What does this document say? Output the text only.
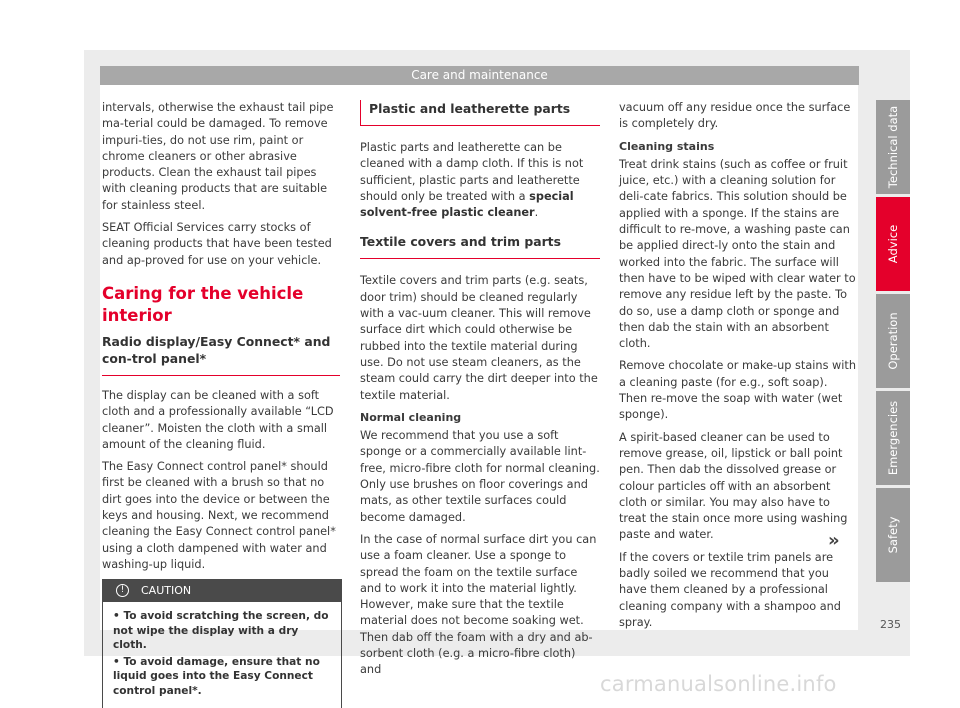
Care and maintenance

intervals, otherwise the exhaust tail pipe ma-terial could be damaged. To remove impuri-ties, do not use rim, paint or chrome cleaners or other abrasive products. Clean the exhaust tail pipes with cleaning products that are suitable for stainless steel.

SEAT Official Services carry stocks of cleaning products that have been tested and ap-proved for use on your vehicle.

Caring for the vehicle interior
Radio display/Easy Connect* and con-trol panel*

The display can be cleaned with a soft cloth and a professionally available “LCD cleaner”. Moisten the cloth with a small amount of the cleaning fluid.

The Easy Connect control panel* should first be cleaned with a brush so that no dirt goes into the device or between the keys and housing. Next, we recommend cleaning the Easy Connect control panel* using a cloth dampened with water and washing-up liquid.

!	CAUTION
• To avoid scratching the screen, do not wipe the display with a dry cloth.
• To avoid damage, ensure that no liquid goes into the Easy Connect control panel*.
Plastic and leatherette parts

Plastic parts and leatherette can be cleaned with a damp cloth. If this is not sufficient, plastic parts and leatherette should only be treated with a special solvent-free plastic cleaner.

Textile covers and trim parts

Textile covers and trim parts (e.g. seats, door trim) should be cleaned regularly with a vac-uum cleaner. This will remove surface dirt which could otherwise be rubbed into the textile material during use. Do not use steam cleaners, as the steam could carry the dirt deeper into the textile material.

Normal cleaning

We recommend that you use a soft sponge or a commercially available lint-free, micro-fibre cloth for normal cleaning. Only use brushes on floor coverings and mats, as other textile surfaces could become damaged.

In the case of normal surface dirt you can use a foam cleaner. Use a sponge to spread the foam on the textile surface and to work it into the material lightly. However, make sure that the textile material does not become soaking wet. Then dab off the foam with a dry and ab-sorbent cloth (e.g. a micro-fibre cloth) and

vacuum off any residue once the surface is completely dry.

Cleaning stains

Treat drink stains (such as coffee or fruit juice, etc.) with a cleaning solution for deli-cate fabrics. This solution should be applied with a sponge. If the stains are difficult to re-move, a washing paste can be applied direct-ly onto the stain and worked into the fabric. The surface will then have to be wiped with clear water to remove any residue left by the paste. To do so, use a damp cloth or sponge and then dab the stain with an absorbent cloth.

Remove chocolate or make-up stains with a cleaning paste (for e.g., soft soap). Then re-move the soap with water (wet sponge).

A spirit-based cleaner can be used to remove grease, oil, lipstick or ball point pen. Then dab the dissolved grease or colour particles off with an absorbent cloth or similar. You may also have to treat the stain once more using washing paste and water.

If the covers or textile trim panels are badly soiled we recommend that you have them cleaned by a professional cleaning company with a shampoo and spray.

»
Technical data
Advice
Operation
Emergencies
Safety
235
carmanualsonline.info
